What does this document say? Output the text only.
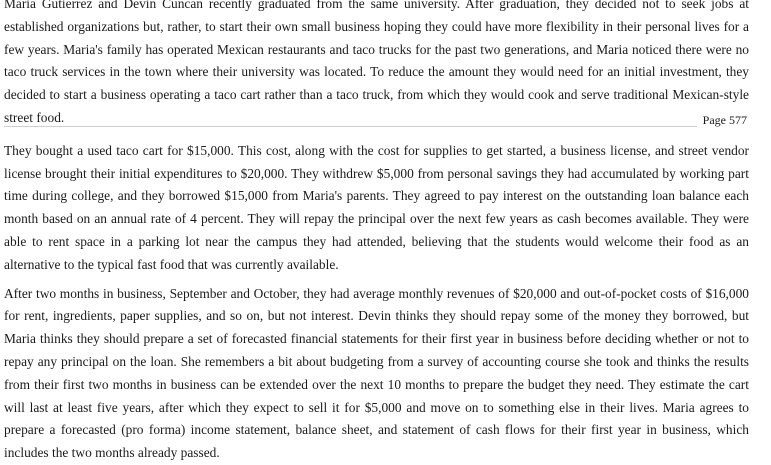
Maria Gutierrez and Devin Cuncan recently graduated from the same university. After graduation, they decided not to seek jobs at established organizations but, rather, to start their own small business hoping they could have more flexibility in their personal lives for a few years. Maria's family has operated Mexican restaurants and taco trucks for the past two generations, and Maria noticed there were no taco truck services in the town where their university was located. To reduce the amount they would need for an initial investment, they decided to start a business operating a taco cart rather than a taco truck, from which they would cook and serve traditional Mexican-style street food.	Page 577

They bought a used taco cart for $15,000. This cost, along with the cost for supplies to get started, a business license, and street vendor license brought their initial expenditures to $20,000. They withdrew $5,000 from personal savings they had accumulated by working part time during college, and they borrowed $15,000 from Maria's parents. They agreed to pay interest on the outstanding loan balance each month based on an annual rate of 4 percent. They will repay the principal over the next few years as cash becomes available. They were able to rent space in a parking lot near the campus they had attended, believing that the students would welcome their food as an alternative to the typical fast food that was currently available.

After two months in business, September and October, they had average monthly revenues of $20,000 and out-of-pocket costs of $16,000 for rent, ingredients, paper supplies, and so on, but not interest. Devin thinks they should repay some of the money they borrowed, but Maria thinks they should prepare a set of forecasted financial statements for their first year in business before deciding whether or not to repay any principal on the loan. She remembers a bit about budgeting from a survey of accounting course she took and thinks the results from their first two months in business can be extended over the next 10 months to prepare the budget they need. They estimate the cart will last at least five years, after which they expect to sell it for $5,000 and move on to something else in their lives. Maria agrees to prepare a forecasted (pro forma) income statement, balance sheet, and statement of cash flows for their first year in business, which includes the two months already passed.
